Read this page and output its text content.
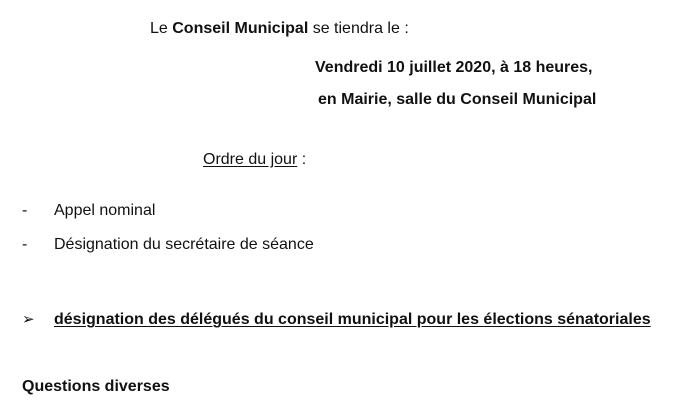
Le Conseil Municipal se tiendra le :
Vendredi 10 juillet 2020, à 18 heures,
en Mairie, salle du Conseil Municipal
Ordre du jour :
- Appel nominal
- Désignation du secrétaire de séance
➢ désignation des délégués du conseil municipal pour les élections sénatoriales
Questions diverses
